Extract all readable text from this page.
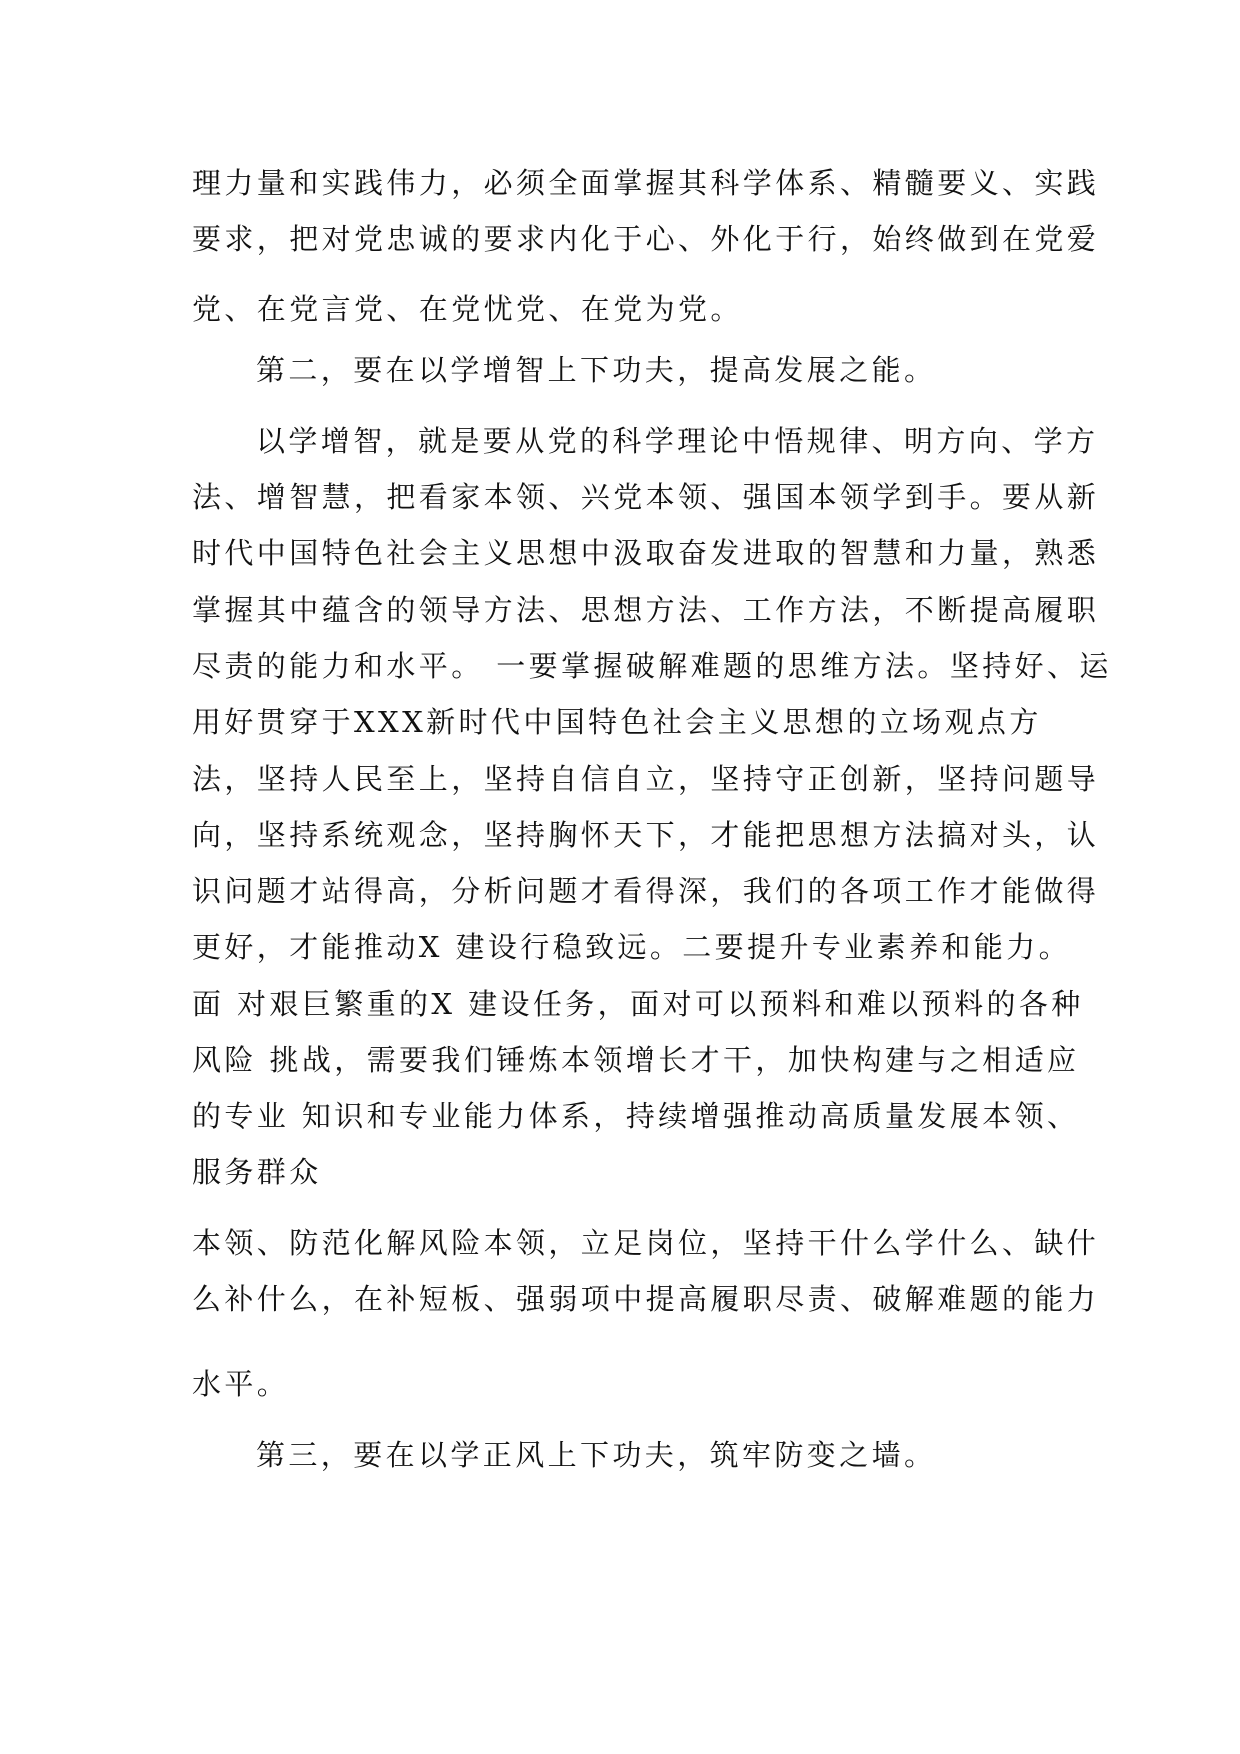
理力量和实践伟力，必须全面掌握其科学体系、精髓要义、实践
要求，把对党忠诚的要求内化于心、外化于行，始终做到在党爱
党、在党言党、在党忧党、在党为党。
第二，要在以学增智上下功夫，提高发展之能。
以学增智，就是要从党的科学理论中悟规律、明方向、学方
法、增智慧，把看家本领、兴党本领、强国本领学到手。要从新
时代中国特色社会主义思想中汲取奋发进取的智慧和力量，熟悉
掌握其中蕴含的领导方法、思想方法、工作方法，不断提高履职
尽责的能力和水平。 一要掌握破解难题的思维方法。坚持好、运
用好贯穿于XXX新时代中国特色社会主义思想的立场观点方
法，坚持人民至上，坚持自信自立，坚持守正创新，坚持问题导
向，坚持系统观念，坚持胸怀天下，才能把思想方法搞对头，认
识问题才站得高，分析问题才看得深，我们的各项工作才能做得
更好，才能推动X 建设行稳致远。二要提升专业素养和能力。
面 对艰巨繁重的X 建设任务，面对可以预料和难以预料的各种
风险 挑战，需要我们锤炼本领增长才干，加快构建与之相适应
的专业 知识和专业能力体系，持续增强推动高质量发展本领、
服务群众
本领、防范化解风险本领，立足岗位，坚持干什么学什么、缺什
么补什么，在补短板、强弱项中提高履职尽责、破解难题的能力
水平。
第三，要在以学正风上下功夫，筑牢防变之墙。
